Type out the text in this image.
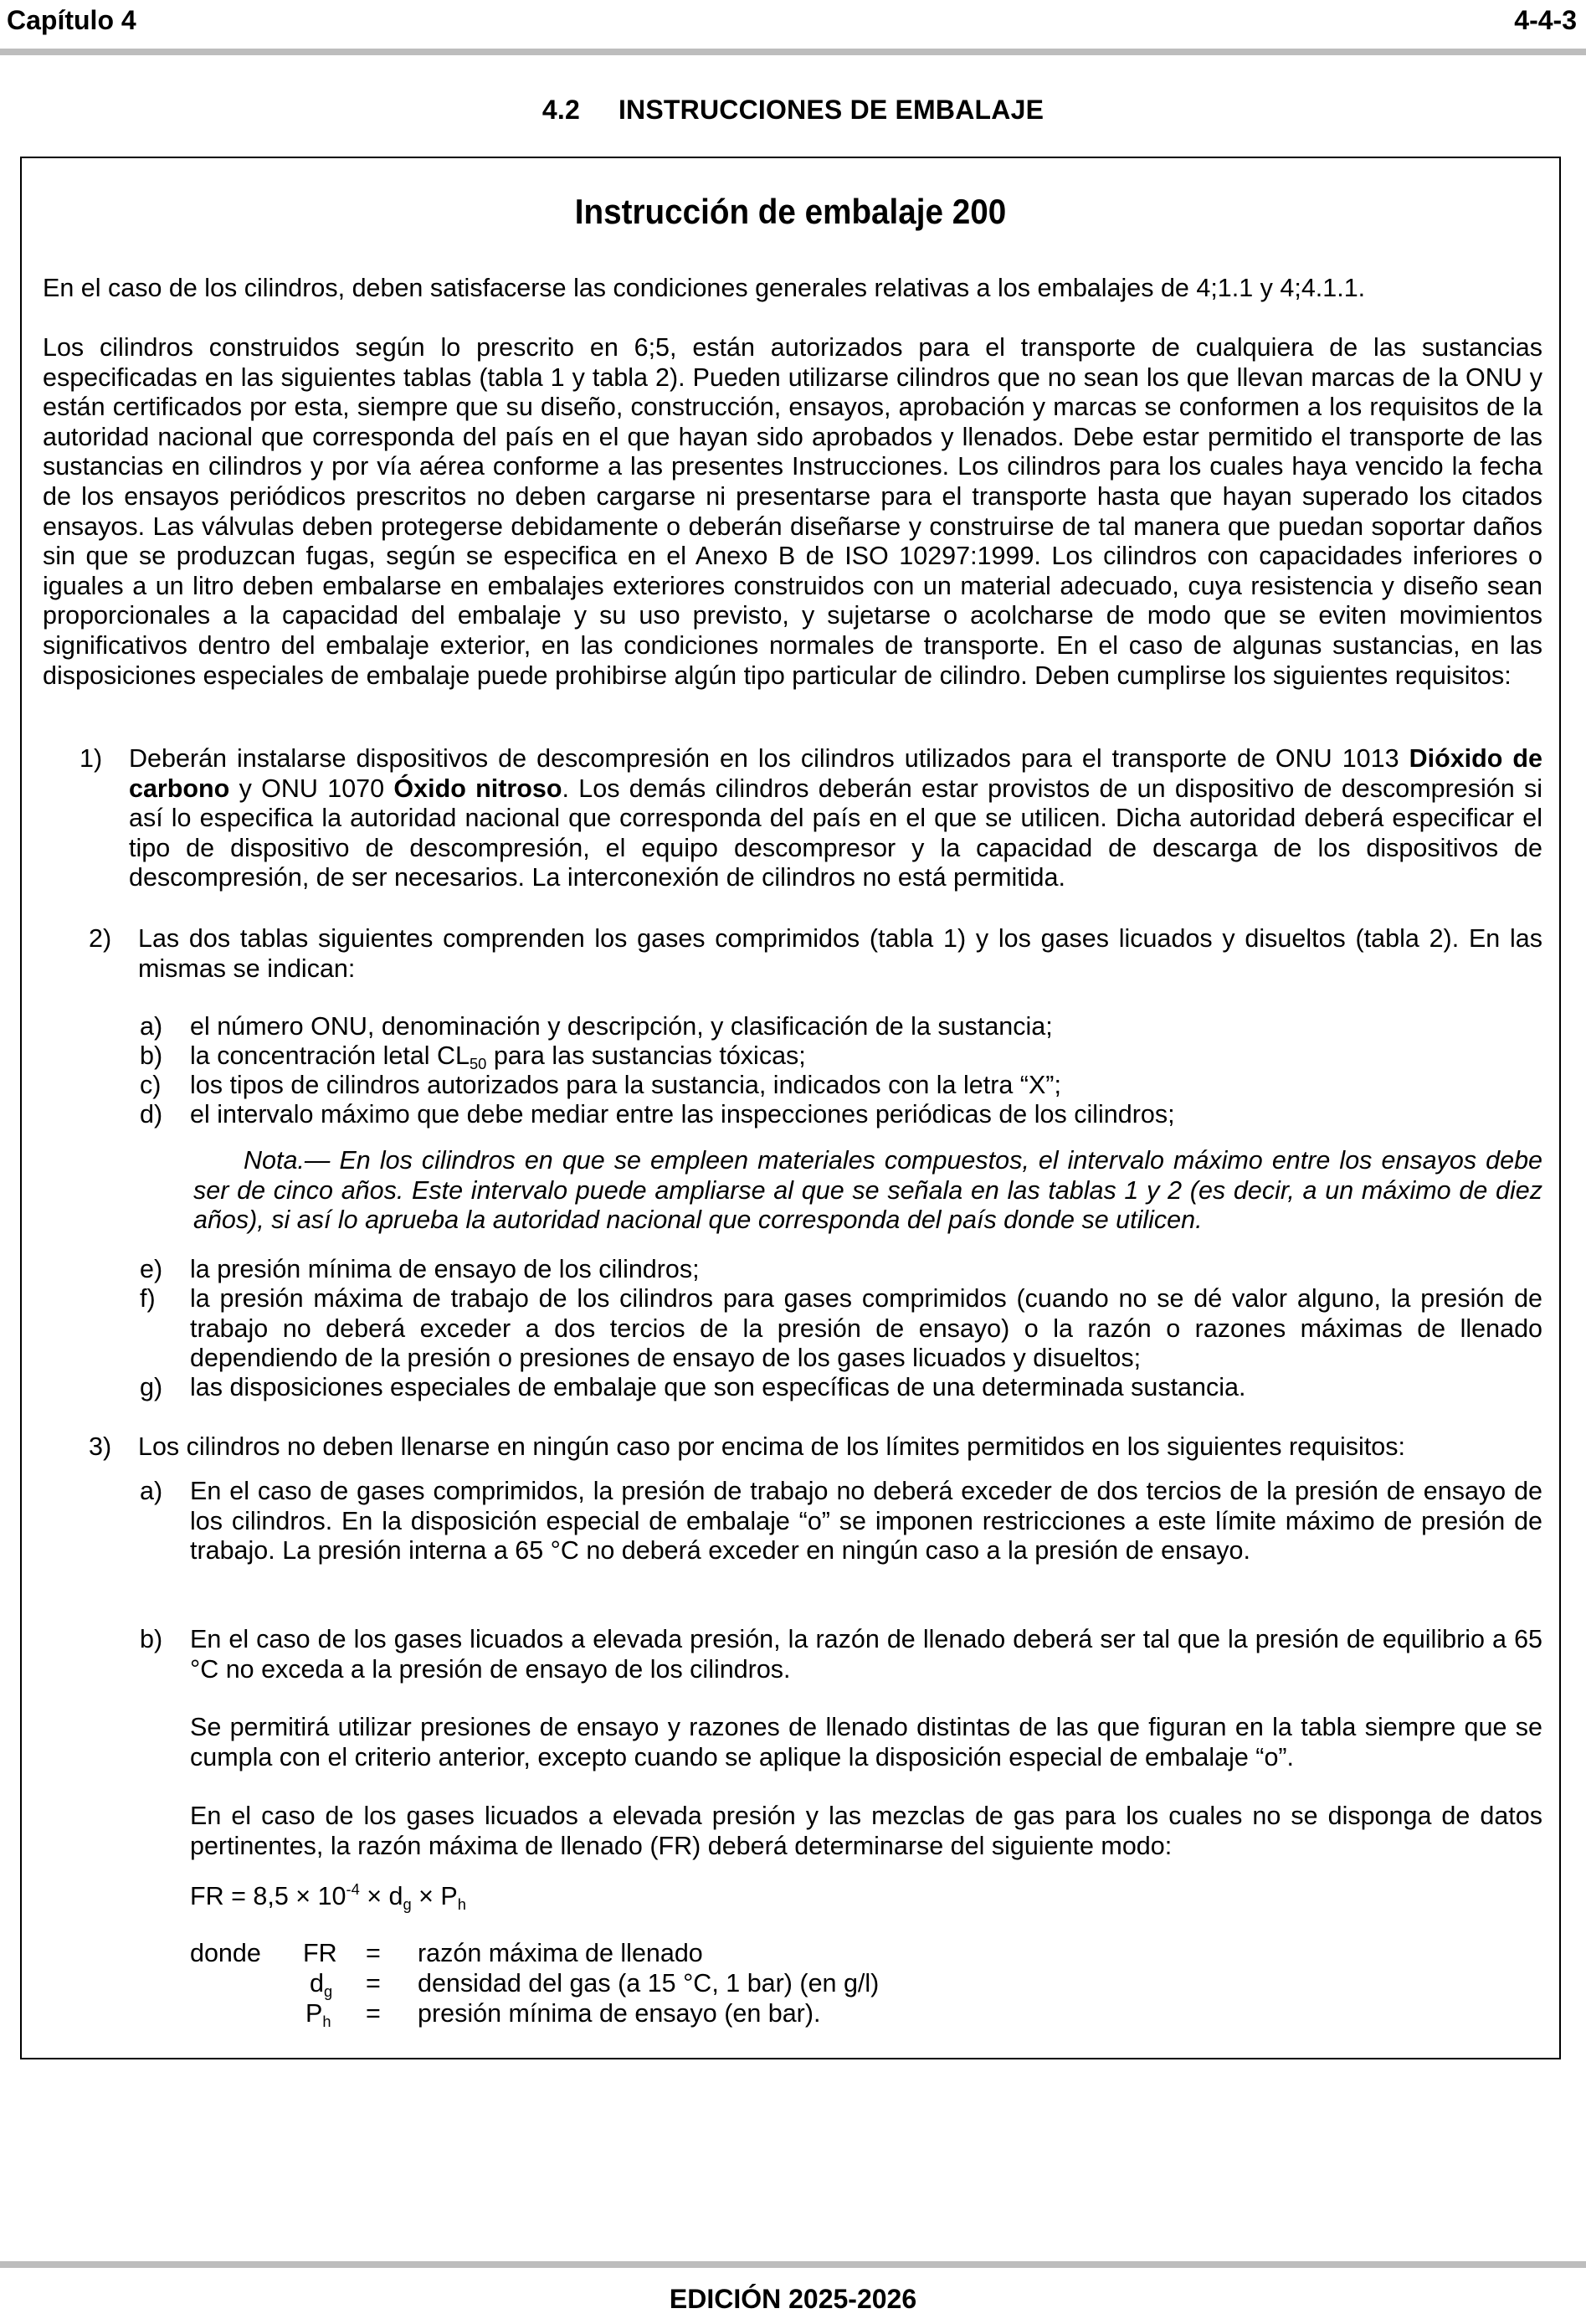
Capítulo 4	4-4-3
4.2 INSTRUCCIONES DE EMBALAJE
Instrucción de embalaje 200

En el caso de los cilindros, deben satisfacerse las condiciones generales relativas a los embalajes de 4;1.1 y 4;4.1.1.

Los cilindros construidos según lo prescrito en 6;5, están autorizados para el transporte de cualquiera de las sustancias especificadas en las siguientes tablas (tabla 1 y tabla 2). Pueden utilizarse cilindros que no sean los que llevan marcas de la ONU y están certificados por esta, siempre que su diseño, construcción, ensayos, aprobación y marcas se conformen a los requisitos de la autoridad nacional que corresponda del país en el que hayan sido aprobados y llenados. Debe estar permitido el transporte de las sustancias en cilindros y por vía aérea conforme a las presentes Instrucciones. Los cilindros para los cuales haya vencido la fecha de los ensayos periódicos prescritos no deben cargarse ni presentarse para el transporte hasta que hayan superado los citados ensayos. Las válvulas deben protegerse debidamente o deberán diseñarse y construirse de tal manera que puedan soportar daños sin que se produzcan fugas, según se especifica en el Anexo B de ISO 10297:1999. Los cilindros con capacidades inferiores o iguales a un litro deben embalarse en embalajes exteriores construidos con un material adecuado, cuya resistencia y diseño sean proporcionales a la capacidad del embalaje y su uso previsto, y sujetarse o acolcharse de modo que se eviten movimientos significativos dentro del embalaje exterior, en las condiciones normales de transporte. En el caso de algunas sustancias, en las disposiciones especiales de embalaje puede prohibirse algún tipo particular de cilindro. Deben cumplirse los siguientes requisitos:

1) Deberán instalarse dispositivos de descompresión en los cilindros utilizados para el transporte de ONU 1013 Dióxido de carbono y ONU 1070 Óxido nitroso. Los demás cilindros deberán estar provistos de un dispositivo de descompresión si así lo especifica la autoridad nacional que corresponda del país en el que se utilicen. Dicha autoridad deberá especificar el tipo de dispositivo de descompresión, el equipo descompresor y la capacidad de descarga de los dispositivos de descompresión, de ser necesarios. La interconexión de cilindros no está permitida.

2) Las dos tablas siguientes comprenden los gases comprimidos (tabla 1) y los gases licuados y disueltos (tabla 2). En las mismas se indican:

a) el número ONU, denominación y descripción, y clasificación de la sustancia;
b) la concentración letal $CL_{50}$ para las sustancias tóxicas;
c) los tipos de cilindros autorizados para la sustancia, indicados con la letra “X”;
d) el intervalo máximo que debe mediar entre las inspecciones periódicas de los cilindros;

Nota.— En los cilindros en que se empleen materiales compuestos, el intervalo máximo entre los ensayos debe ser de cinco años. Este intervalo puede ampliarse al que se señala en las tablas 1 y 2 (es decir, a un máximo de diez años), si así lo aprueba la autoridad nacional que corresponda del país donde se utilicen.

e) la presión mínima de ensayo de los cilindros;
f) la presión máxima de trabajo de los cilindros para gases comprimidos (cuando no se dé valor alguno, la presión de trabajo no deberá exceder a dos tercios de la presión de ensayo) o la razón o razones máximas de llenado dependiendo de la presión o presiones de ensayo de los gases licuados y disueltos;

g) las disposiciones especiales de embalaje que son específicas de una determinada sustancia.
3) Los cilindros no deben llenarse en ningún caso por encima de los límites permitidos en los siguientes requisitos:
a) En el caso de gases comprimidos, la presión de trabajo no deberá exceder de dos tercios de la presión de ensayo de los cilindros. En la disposición especial de embalaje “o” se imponen restricciones a este límite máximo de presión de trabajo. La presión interna a 65 °C no deberá exceder en ningún caso a la presión de ensayo.

b) En el caso de los gases licuados a elevada presión, la razón de llenado deberá ser tal que la presión de equilibrio a 65 °C no exceda a la presión de ensayo de los cilindros.

Se permitirá utilizar presiones de ensayo y razones de llenado distintas de las que figuran en la tabla siempre que se cumpla con el criterio anterior, excepto cuando se aplique la disposición especial de embalaje “o”.

En el caso de los gases licuados a elevada presión y las mezclas de gas para los cuales no se disponga de datos pertinentes, la razón máxima de llenado (FR) deberá determinarse del siguiente modo:

FR = $8,5 \times 10^{-4} \times d_g \times P_h$
donde FR = razón máxima de llenado
$d_g$ = densidad del gas (a 15 °C, 1 bar) (en g/l)
$P_h$ = presión mínima de ensayo (en bar).
EDICIÓN 2025-2026
